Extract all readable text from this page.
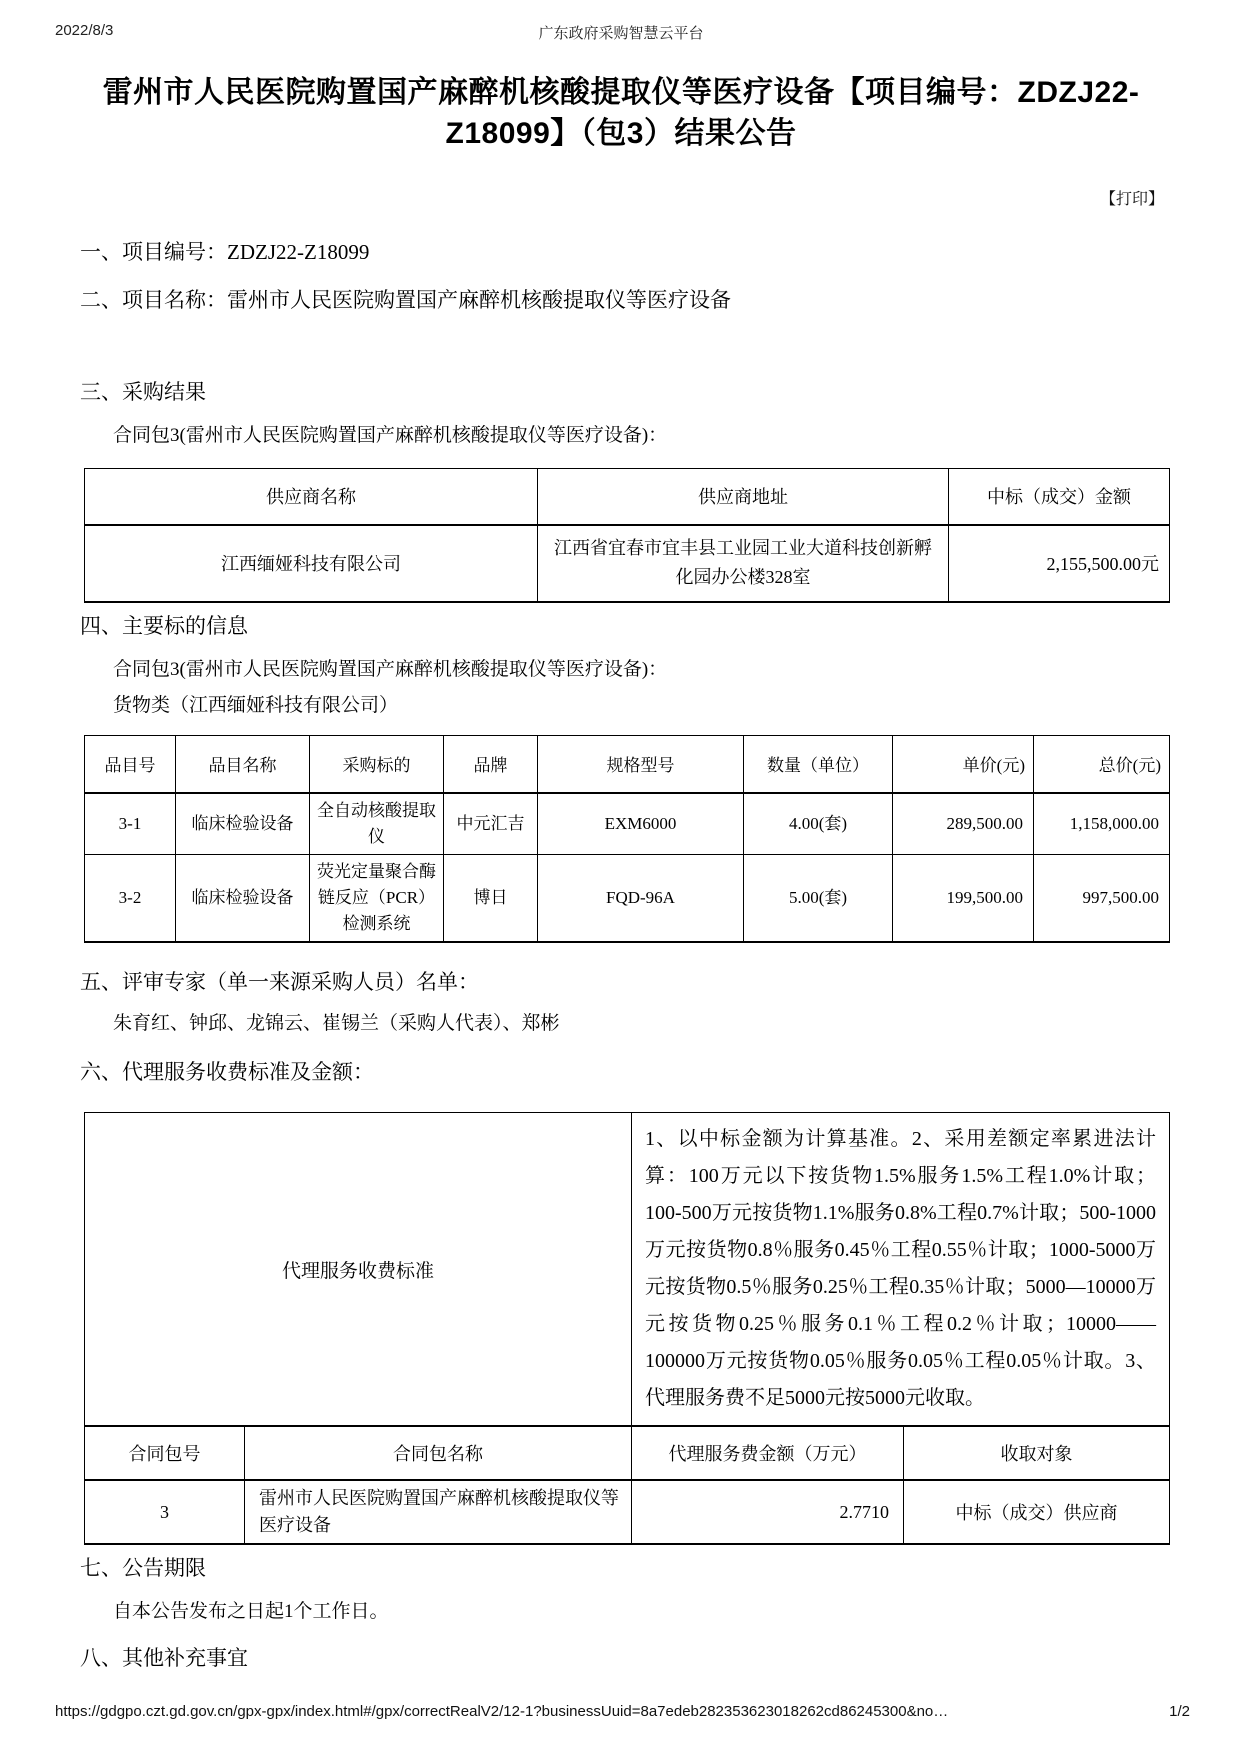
广东政府采购智慧云平台
2022/8/3
雷州市人民医院购置国产麻醉机核酸提取仪等医疗设备【项目编号：ZDZJ22-
Z18099】（包3）结果公告
【打印】
一、项目编号：ZDZJ22-Z18099
二、项目名称：雷州市人民医院购置国产麻醉机核酸提取仪等医疗设备
三、采购结果
合同包3(雷州市人民医院购置国产麻醉机核酸提取仪等医疗设备)：
供应商名称	供应商地址	中标（成交）金额
江西缅娅科技有限公司	江西省宜春市宜丰县工业园工业大道科技创新孵化园办公楼328室	2,155,500.00元
四、主要标的信息
合同包3(雷州市人民医院购置国产麻醉机核酸提取仪等医疗设备)：
货物类（江西缅娅科技有限公司）
品目号	品目名称	采购标的	品牌	规格型号	数量（单位）	单价(元)	总价(元)
3-1	临床检验设备	全自动核酸提取仪	中元汇吉	EXM6000	4.00(套)	289,500.00	1,158,000.00
3-2	临床检验设备	荧光定量聚合酶链反应（PCR）检测系统	博日	FQD-96A	5.00(套)	199,500.00	997,500.00
五、评审专家（单一来源采购人员）名单：
朱育红、钟邱、龙锦云、崔锡兰（采购人代表）、郑彬
六、代理服务收费标准及金额：
代理服务收费标准		1、以中标金额为计算基准。2、采用差额定率累进法计算：100万元以下按货物1.5%服务1.5%工程1.0%计取；100-500万元按货物1.1%服务0.8%工程0.7%计取；500-1000万元按货物0.8％服务0.45％工程0.55％计取；1000-5000万元按货物0.5％服务0.25％工程0.35％计取；5000—10000万元按货物0.25％服务0.1％工程0.2％计取；10000——100000万元按货物0.05％服务0.05％工程0.05％计取。3、代理服务费不足5000元按5000元收取。	
合同包号	合同包名称	代理服务费金额（万元）	收取对象
3	雷州市人民医院购置国产麻醉机核酸提取仪等医疗设备	2.7710	中标（成交）供应商
七、公告期限
自本公告发布之日起1个工作日。
八、其他补充事宜
https://gdgpo.czt.gd.gov.cn/gpx-gpx/index.html#/gpx/correctRealV2/12-1?businessUuid=8a7edeb282353623018262cd86245300&no…	1/2
